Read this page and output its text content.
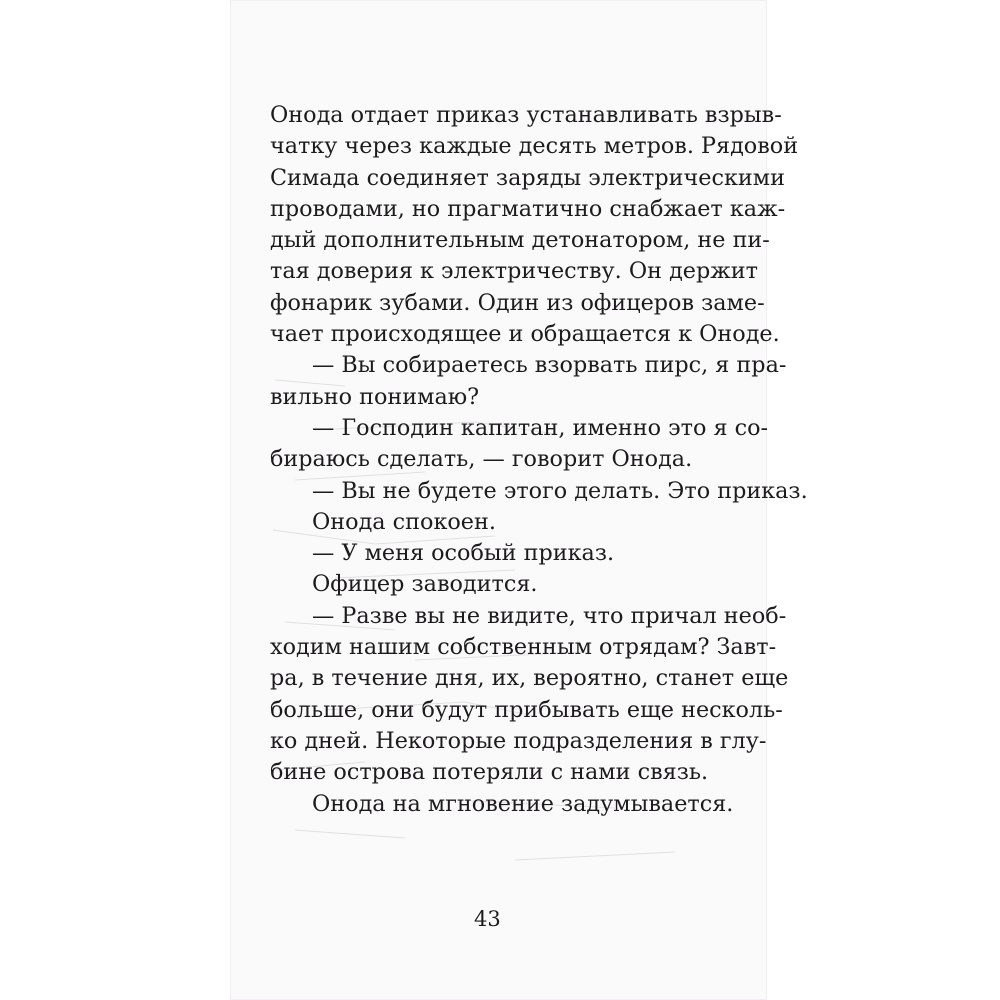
Онода отдает приказ устанавливать взрыв-
чатку через каждые десять метров. Рядовой
Симада соединяет заряды электрическими
проводами, но прагматично снабжает каж-
дый дополнительным детонатором, не пи-
тая доверия к электричеству. Он держит
фонарик зубами. Один из офицеров заме-
чает происходящее и обращается к Оноде.
— Вы собираетесь взорвать пирс, я пра-
вильно понимаю?
— Господин капитан, именно это я со-
бираюсь сделать, — говорит Онода.
— Вы не будете этого делать. Это приказ.
Онода спокоен.
— У меня особый приказ.
Офицер заводится.
— Разве вы не видите, что причал необ-
ходим нашим собственным отрядам? Завт-
ра, в течение дня, их, вероятно, станет еще
больше, они будут прибывать еще несколь-
ко дней. Некоторые подразделения в глу-
бине острова потеряли с нами связь.
Онода на мгновение задумывается.
43
